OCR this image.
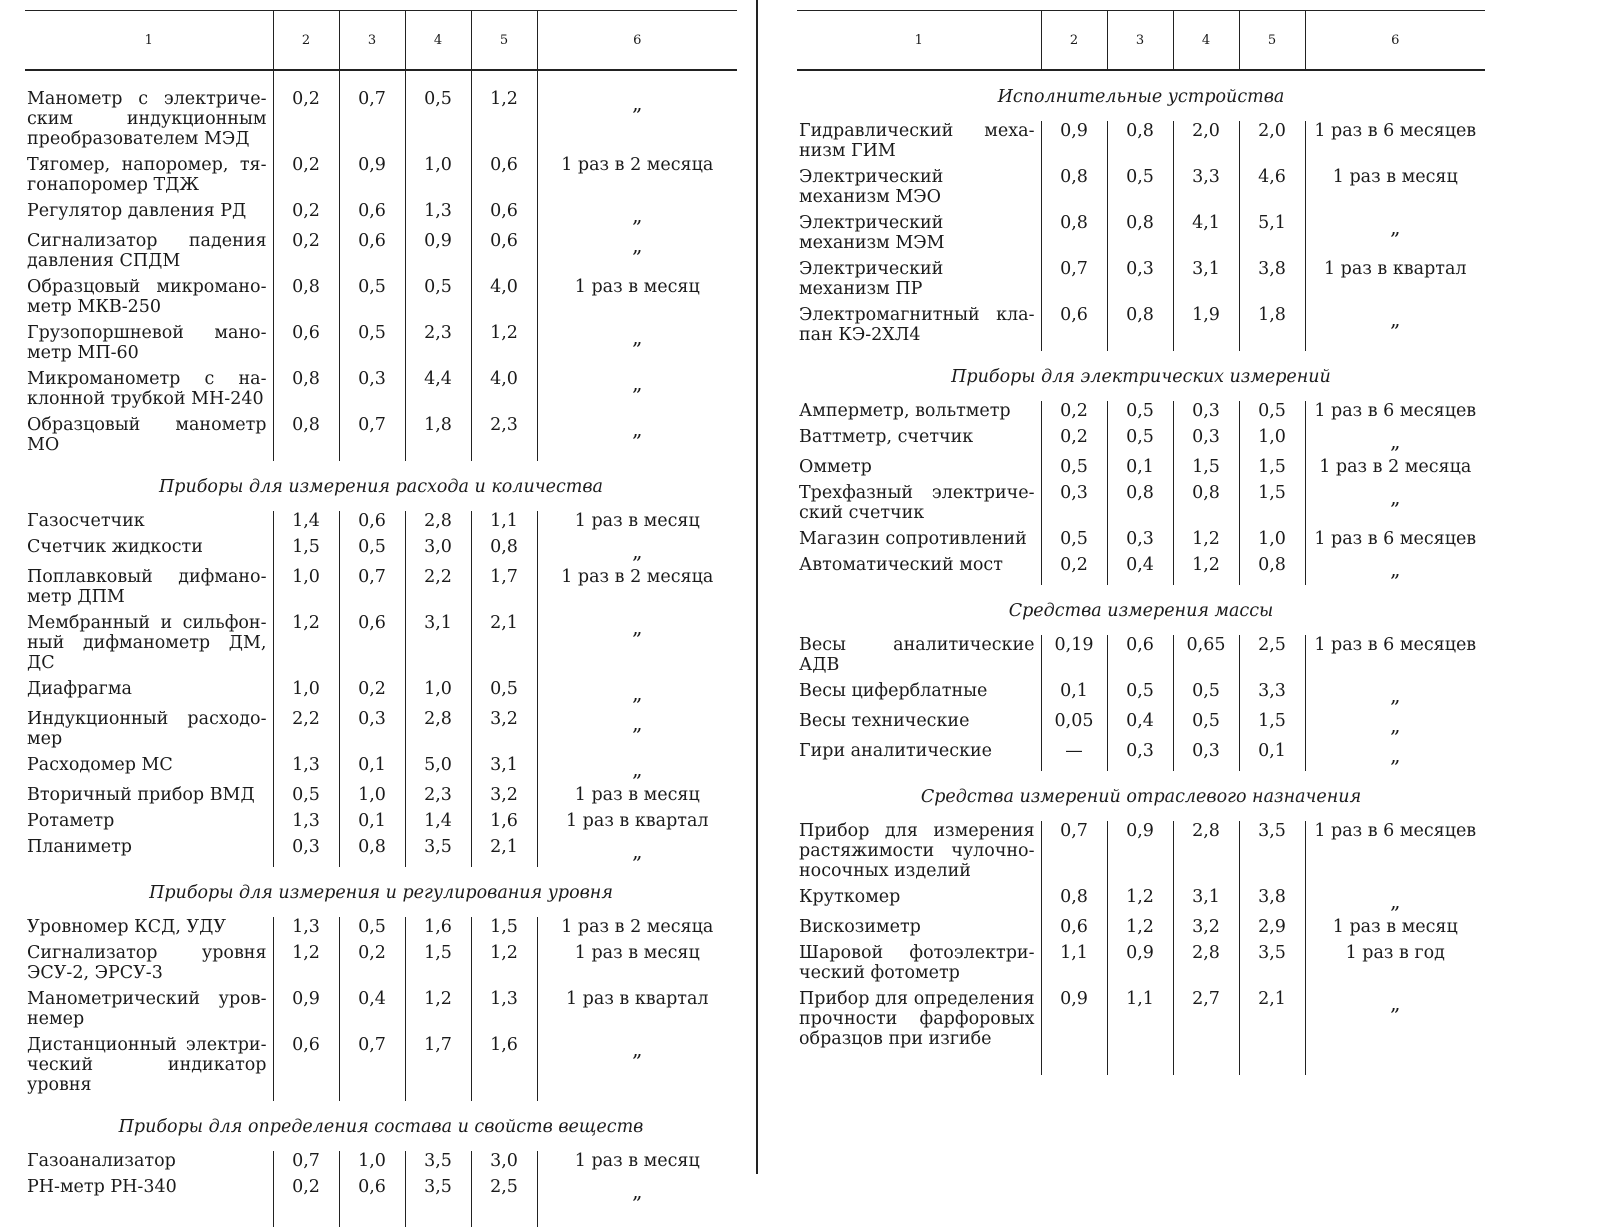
1	2	3	4	5	6

Манометр с электриче-ским индукционным преобразователем МЭД	0,2	0,7	0,5	1,2	„
Тягомер, напоромер, тя-гонапоромер ТДЖ	0,2	0,9	1,0	0,6	1 раз в 2 месяца
Регулятор давления РД	0,2	0,6	1,3	0,6	„
Сигнализатор падения давления СПДМ	0,2	0,6	0,9	0,6	„
Образцовый микромано-метр МКВ-250	0,8	0,5	0,5	4,0	1 раз в месяц
Грузопоршневой мано-метр МП-60	0,6	0,5	2,3	1,2	„
Микроманометр с на-клонной трубкой МН-240	0,8	0,3	4,4	4,0	„
Образцовый манометр МО	0,8	0,7	1,8	2,3	„
Приборы для измерения расхода и количества					
Газосчетчик	1,4	0,6	2,8	1,1	1 раз в месяц
Счетчик жидкости	1,5	0,5	3,0	0,8	„
Поплавковый дифмано-метр ДПМ	1,0	0,7	2,2	1,7	1 раз в 2 месяца
Мембранный и сильфон-ный дифманометр ДМ, ДС	1,2	0,6	3,1	2,1	„
Диафрагма	1,0	0,2	1,0	0,5	„
Индукционный расходо-мер	2,2	0,3	2,8	3,2	„
Расходомер МС	1,3	0,1	5,0	3,1	„
Вторичный прибор ВМД	0,5	1,0	2,3	3,2	1 раз в месяц
Ротаметр	1,3	0,1	1,4	1,6	1 раз в квартал
Планиметр	0,3	0,8	3,5	2,1	„
Приборы для измерения и регулирования уровня					
Уровномер КСД, УДУ	1,3	0,5	1,6	1,5	1 раз в 2 месяца
Сигнализатор уровня ЭСУ-2, ЭРСУ-3	1,2	0,2	1,5	1,2	1 раз в месяц
Манометрический уров-немер	0,9	0,4	1,2	1,3	1 раз в квартал
Дистанционный электри-ческий индикатор уровня	0,6	0,7	1,7	1,6	„
Приборы для определения состава и свойств веществ					
Газоанализатор	0,7	1,0	3,5	3,0	1 раз в месяц
PH-метр PH-340	0,2	0,6	3,5	2,5	„

1	2	3	4	5	6
Исполнительные устройства					
Гидравлический меха-низм ГИМ	0,9	0,8	2,0	2,0	1 раз в 6 месяцев
Электрический механизм МЭО	0,8	0,5	3,3	4,6	1 раз в месяц
Электрический механизм МЭМ	0,8	0,8	4,1	5,1	„
Электрический механизм ПР	0,7	0,3	3,1	3,8	1 раз в квартал
Электромагнитный кла-пан КЭ-2ХЛ4	0,6	0,8	1,9	1,8	„
Приборы для электрических измерений					
Амперметр, вольтметр	0,2	0,5	0,3	0,5	1 раз в 6 месяцев
Ваттметр, счетчик	0,2	0,5	0,3	1,0	„
Омметр	0,5	0,1	1,5	1,5	1 раз в 2 месяца
Трехфазный электриче-ский счетчик	0,3	0,8	0,8	1,5	„
Магазин сопротивлений	0,5	0,3	1,2	1,0	1 раз в 6 месяцев
Автоматический мост	0,2	0,4	1,2	0,8	„
Средства измерения массы					
Весы аналитические АДВ	0,19	0,6	0,65	2,5	1 раз в 6 месяцев
Весы циферблатные	0,1	0,5	0,5	3,3	„
Весы технические	0,05	0,4	0,5	1,5	„
Гири аналитические	—	0,3	0,3	0,1	„
Средства измерений отраслевого назначения					
Прибор для измерения растяжимости чулочно-носочных изделий	0,7	0,9	2,8	3,5	1 раз в 6 месяцев
Круткомер	0,8	1,2	3,1	3,8	„
Вискозиметр	0,6	1,2	3,2	2,9	1 раз в месяц
Шаровой фотоэлектри-ческий фотометр	1,1	0,9	2,8	3,5	1 раз в год
Прибор для определения прочности фарфоровых образцов при изгибе	0,9	1,1	2,7	2,1	„
